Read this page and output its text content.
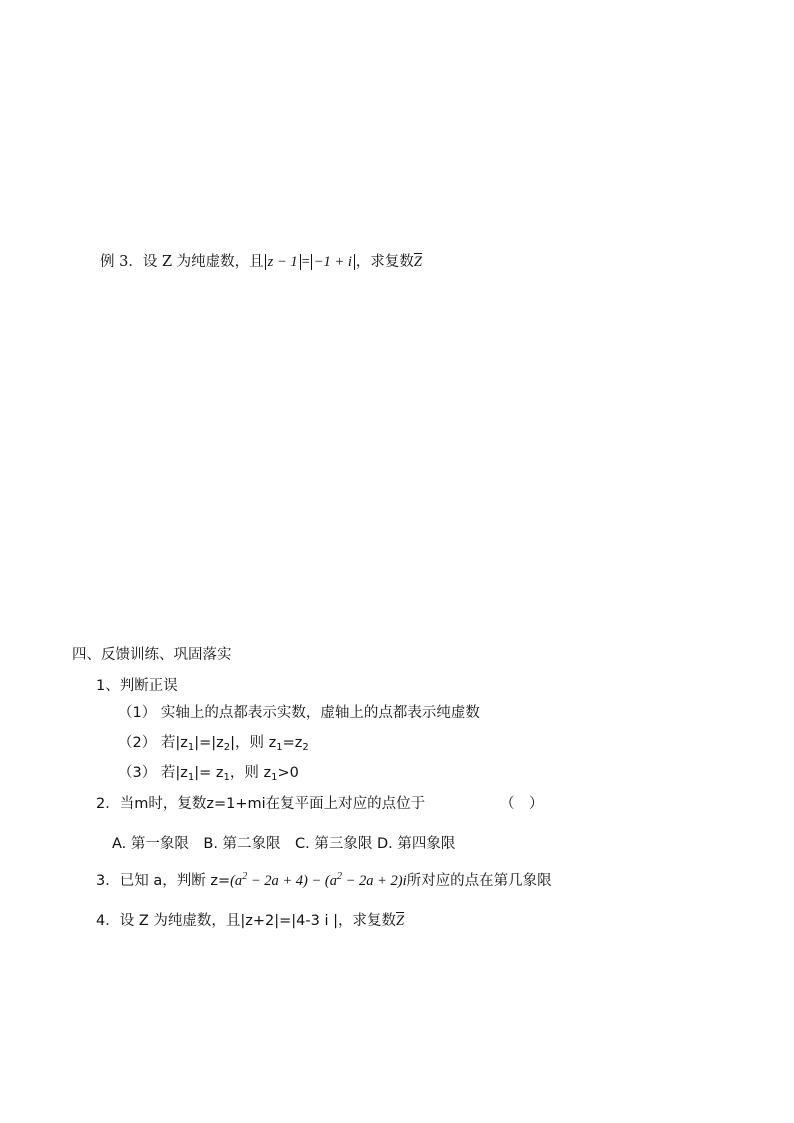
例 3．设 Z 为纯虚数，且 z − 1 = −1 + i ，求复数$\overline{Z}$
四、反馈训练、巩固落实
1、判断正误
（1） 实轴上的点都表示实数，虚轴上的点都表示纯虚数
（2） 若$|z_1|=|z_2|$，则 $z_1=z_2$
（3） 若$|z_1|= z_1$，则 $z_1>0$
2．当m时，复数z=1+mi在复平面上对应的点位于	（　）
A. 第一象限　B. 第二象限　C. 第三象限 D. 第四象限
3．已知 a，判断 $z=(a^2 - 2a + 4) - (a^2 - 2a + 2)i$所对应的点在第几象限
4．设 Z 为纯虚数，且|z+2|=|4-3 i |，求复数$\overline{Z}$
